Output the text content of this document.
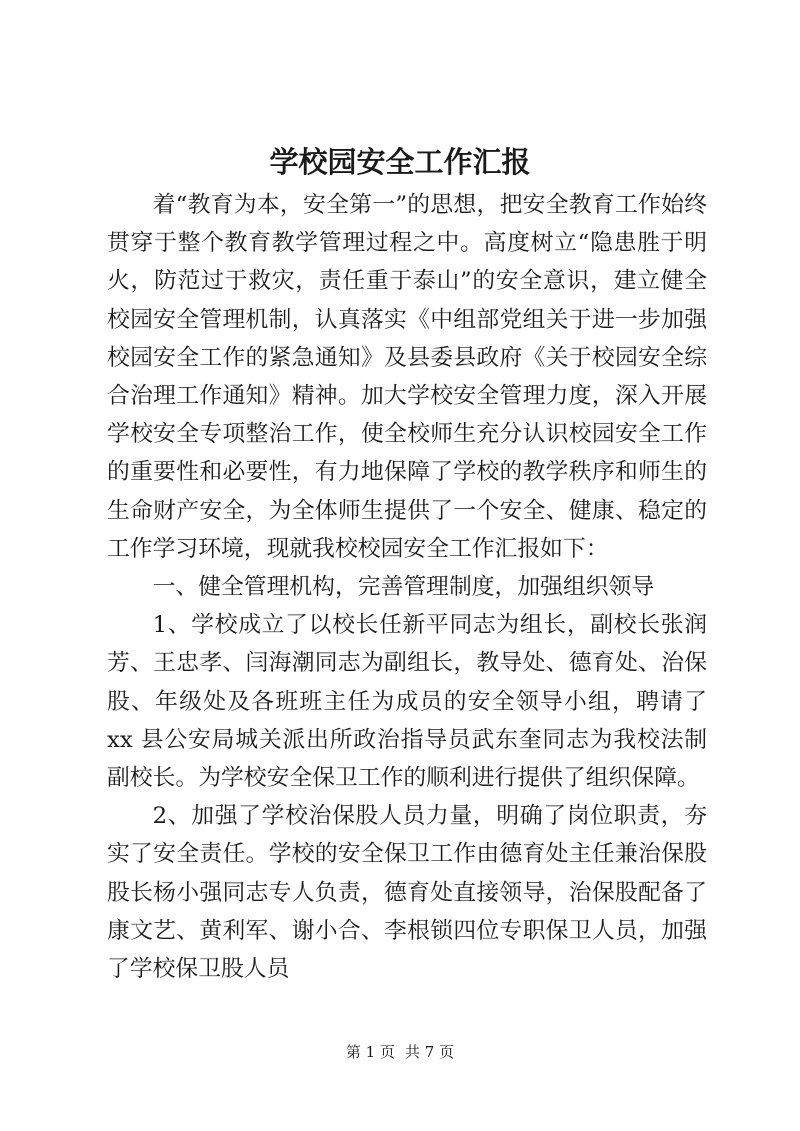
学校园安全工作汇报

着“教育为本，安全第一”的思想，把安全教育工作始终贯穿于整个教育教学管理过程之中。高度树立“隐患胜于明火，防范过于救灾，责任重于泰山”的安全意识，建立健全校园安全管理机制，认真落实《中组部党组关于进一步加强校园安全工作的紧急通知》及县委县政府《关于校园安全综合治理工作通知》精神。加大学校安全管理力度，深入开展学校安全专项整治工作，使全校师生充分认识校园安全工作的重要性和必要性，有力地保障了学校的教学秩序和师生的生命财产安全，为全体师生提供了一个安全、健康、稳定的工作学习环境，现就我校校园安全工作汇报如下：

一、健全管理机构，完善管理制度，加强组织领导

1、学校成立了以校长任新平同志为组长，副校长张润芳、王忠孝、闫海潮同志为副组长，教导处、德育处、治保股、年级处及各班班主任为成员的安全领导小组，聘请了 xx 县公安局城关派出所政治指导员武东奎同志为我校法制副校长。为学校安全保卫工作的顺利进行提供了组织保障。

2、加强了学校治保股人员力量，明确了岗位职责，夯实了安全责任。学校的安全保卫工作由德育处主任兼治保股股长杨小强同志专人负责，德育处直接领导，治保股配备了康文艺、黄利军、谢小合、李根锁四位专职保卫人员，加强了学校保卫股人员

第 1 页 共 7 页
